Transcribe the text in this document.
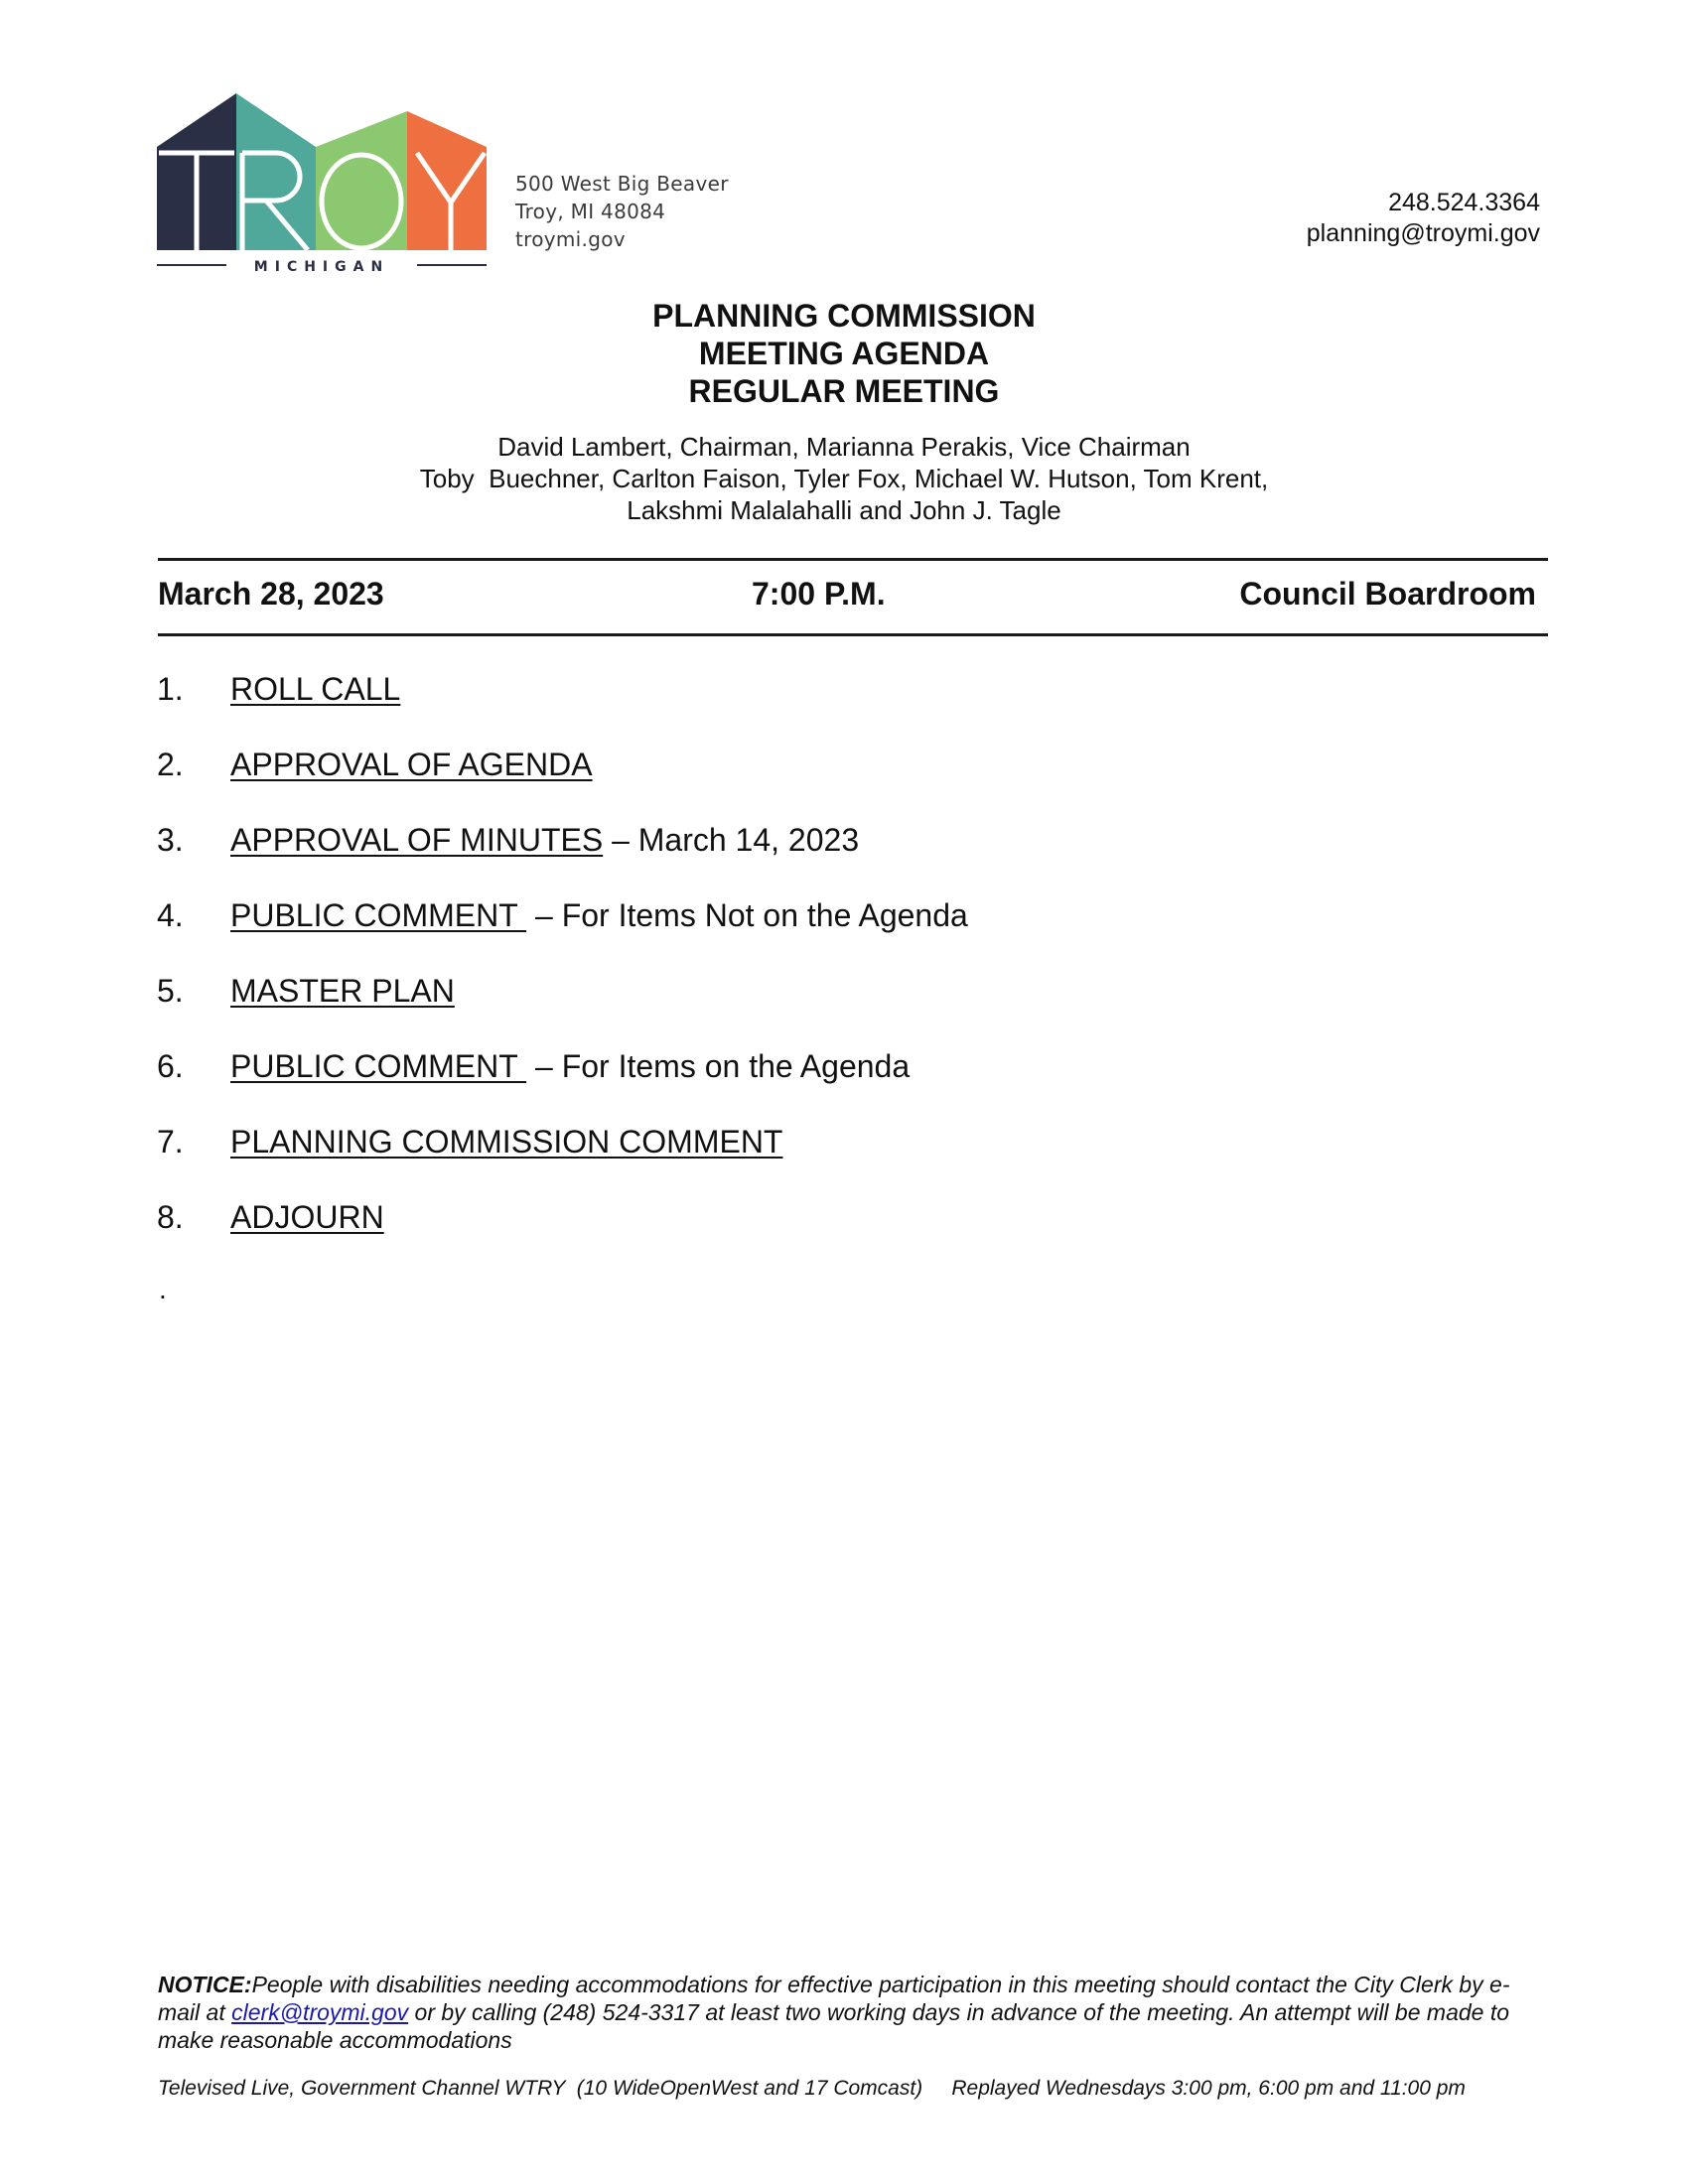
MICHIGAN
500 West Big Beaver
Troy, MI 48084
troymi.gov
248.524.3364
planning@troymi.gov
PLANNING COMMISSION
MEETING AGENDA
REGULAR MEETING
David Lambert, Chairman, Marianna Perakis, Vice Chairman
Toby  Buechner, Carlton Faison, Tyler Fox, Michael W. Hutson, Tom Krent,
Lakshmi Malalahalli and John J. Tagle
March 28, 2023	7:00 P.M.	Council Boardroom
1. ROLL CALL
2. APPROVAL OF AGENDA
3. APPROVAL OF MINUTES – March 14, 2023
4. PUBLIC COMMENT  – For Items Not on the Agenda
5. MASTER PLAN
6. PUBLIC COMMENT  – For Items on the Agenda
7. PLANNING COMMISSION COMMENT
8. ADJOURN
.
NOTICE:People with disabilities needing accommodations for effective participation in this meeting should contact the City Clerk by e-mail at clerk@troymi.gov or by calling (248) 524-3317 at least two working days in advance of the meeting. An attempt will be made to make reasonable accommodations
Televised Live, Government Channel WTRY  (10 WideOpenWest and 17 Comcast)     Replayed Wednesdays 3:00 pm, 6:00 pm and 11:00 pm
